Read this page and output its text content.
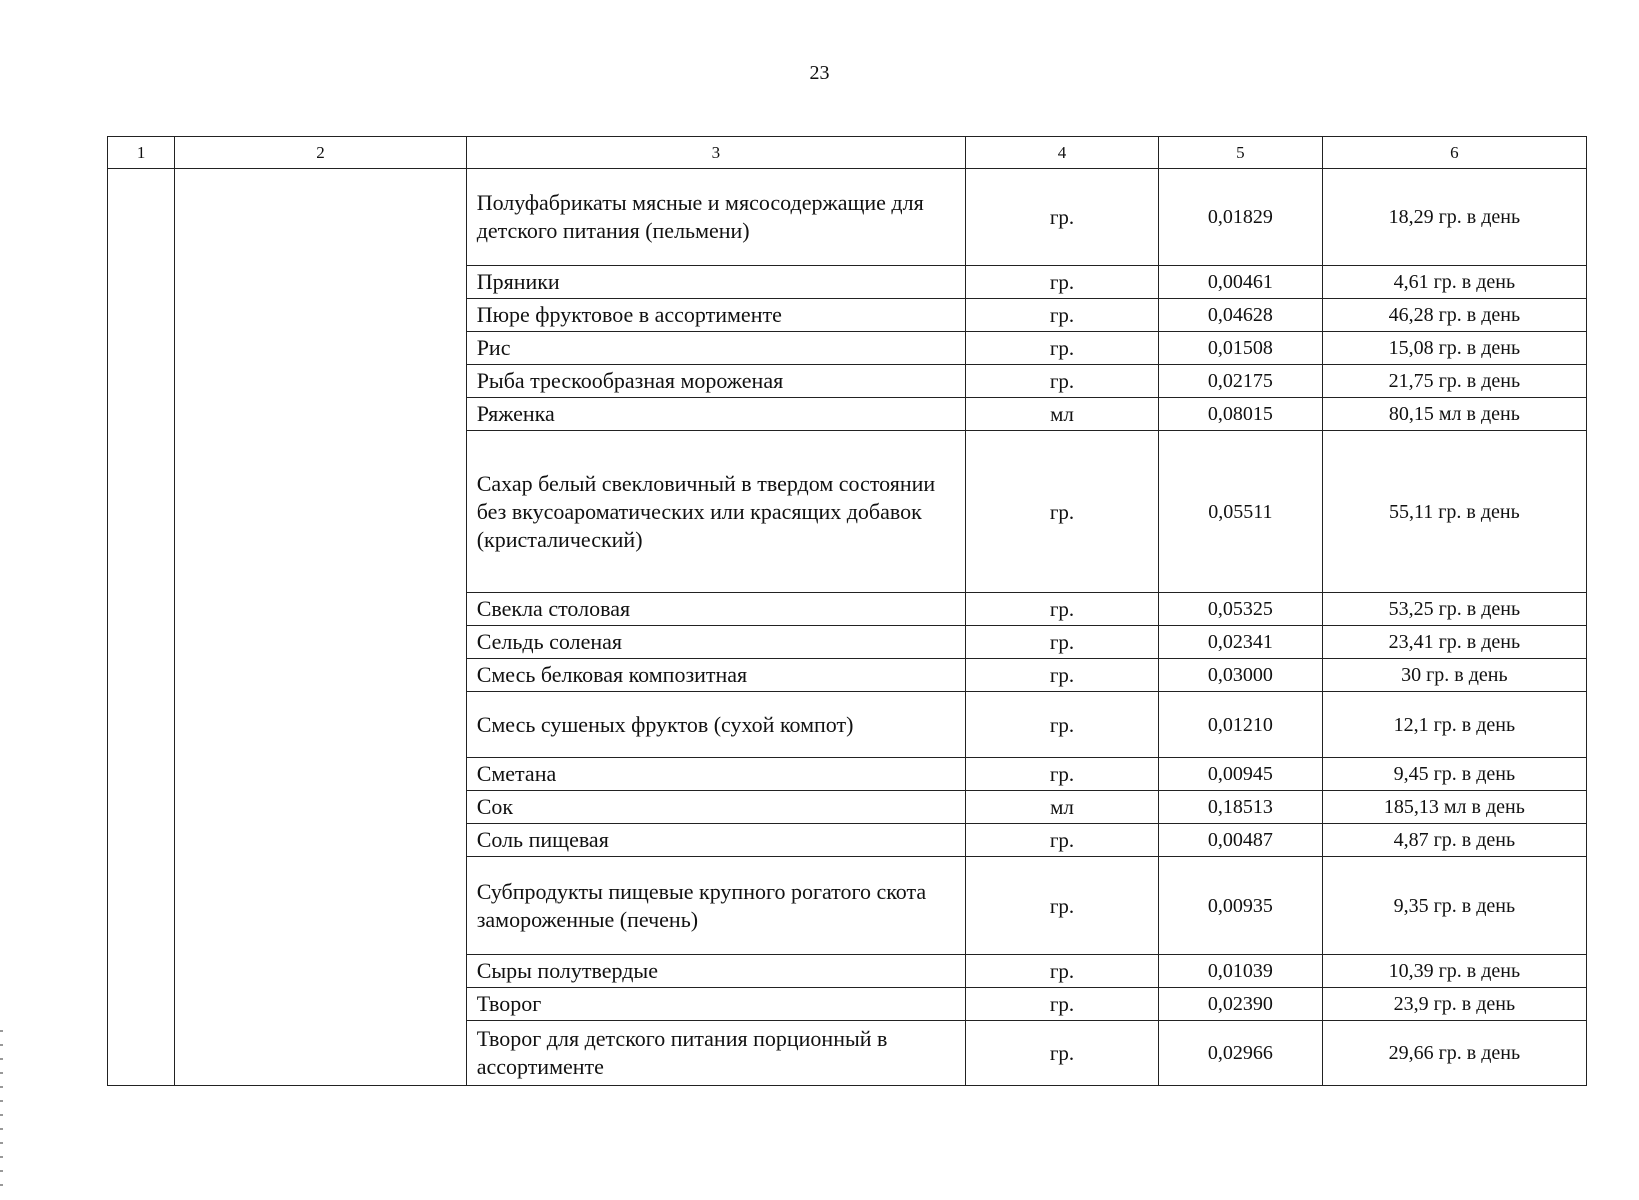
23
1	2	3	4	5	6
		Полуфабрикаты мясные и мясосодержащие для детского питания (пельмени)	гр.	0,01829	18,29 гр. в день
		Пряники	гр.	0,00461	4,61 гр. в день
		Пюре фруктовое в ассортименте	гр.	0,04628	46,28 гр. в день
		Рис	гр.	0,01508	15,08 гр. в день
		Рыба трескообразная мороженая	гр.	0,02175	21,75 гр. в день
		Ряженка	мл	0,08015	80,15 мл в день
		Сахар белый свекловичный в твердом состоянии без вкусоароматических или красящих добавок (кристалический)	гр.	0,05511	55,11 гр. в день
		Свекла столовая	гр.	0,05325	53,25 гр. в день
		Сельдь соленая	гр.	0,02341	23,41 гр. в день
		Смесь белковая композитная	гр.	0,03000	30 гр. в день
		Смесь сушеных фруктов (сухой компот)	гр.	0,01210	12,1 гр. в день
		Сметана	гр.	0,00945	9,45 гр. в день
		Сок	мл	0,18513	185,13 мл в день
		Соль пищевая	гр.	0,00487	4,87 гр. в день
		Субпродукты пищевые крупного рогатого скота замороженные (печень)	гр.	0,00935	9,35 гр. в день
		Сыры полутвердые	гр.	0,01039	10,39 гр. в день
		Творог	гр.	0,02390	23,9 гр. в день
		Творог для детского питания порционный в ассортименте	гр.	0,02966	29,66 гр. в день
